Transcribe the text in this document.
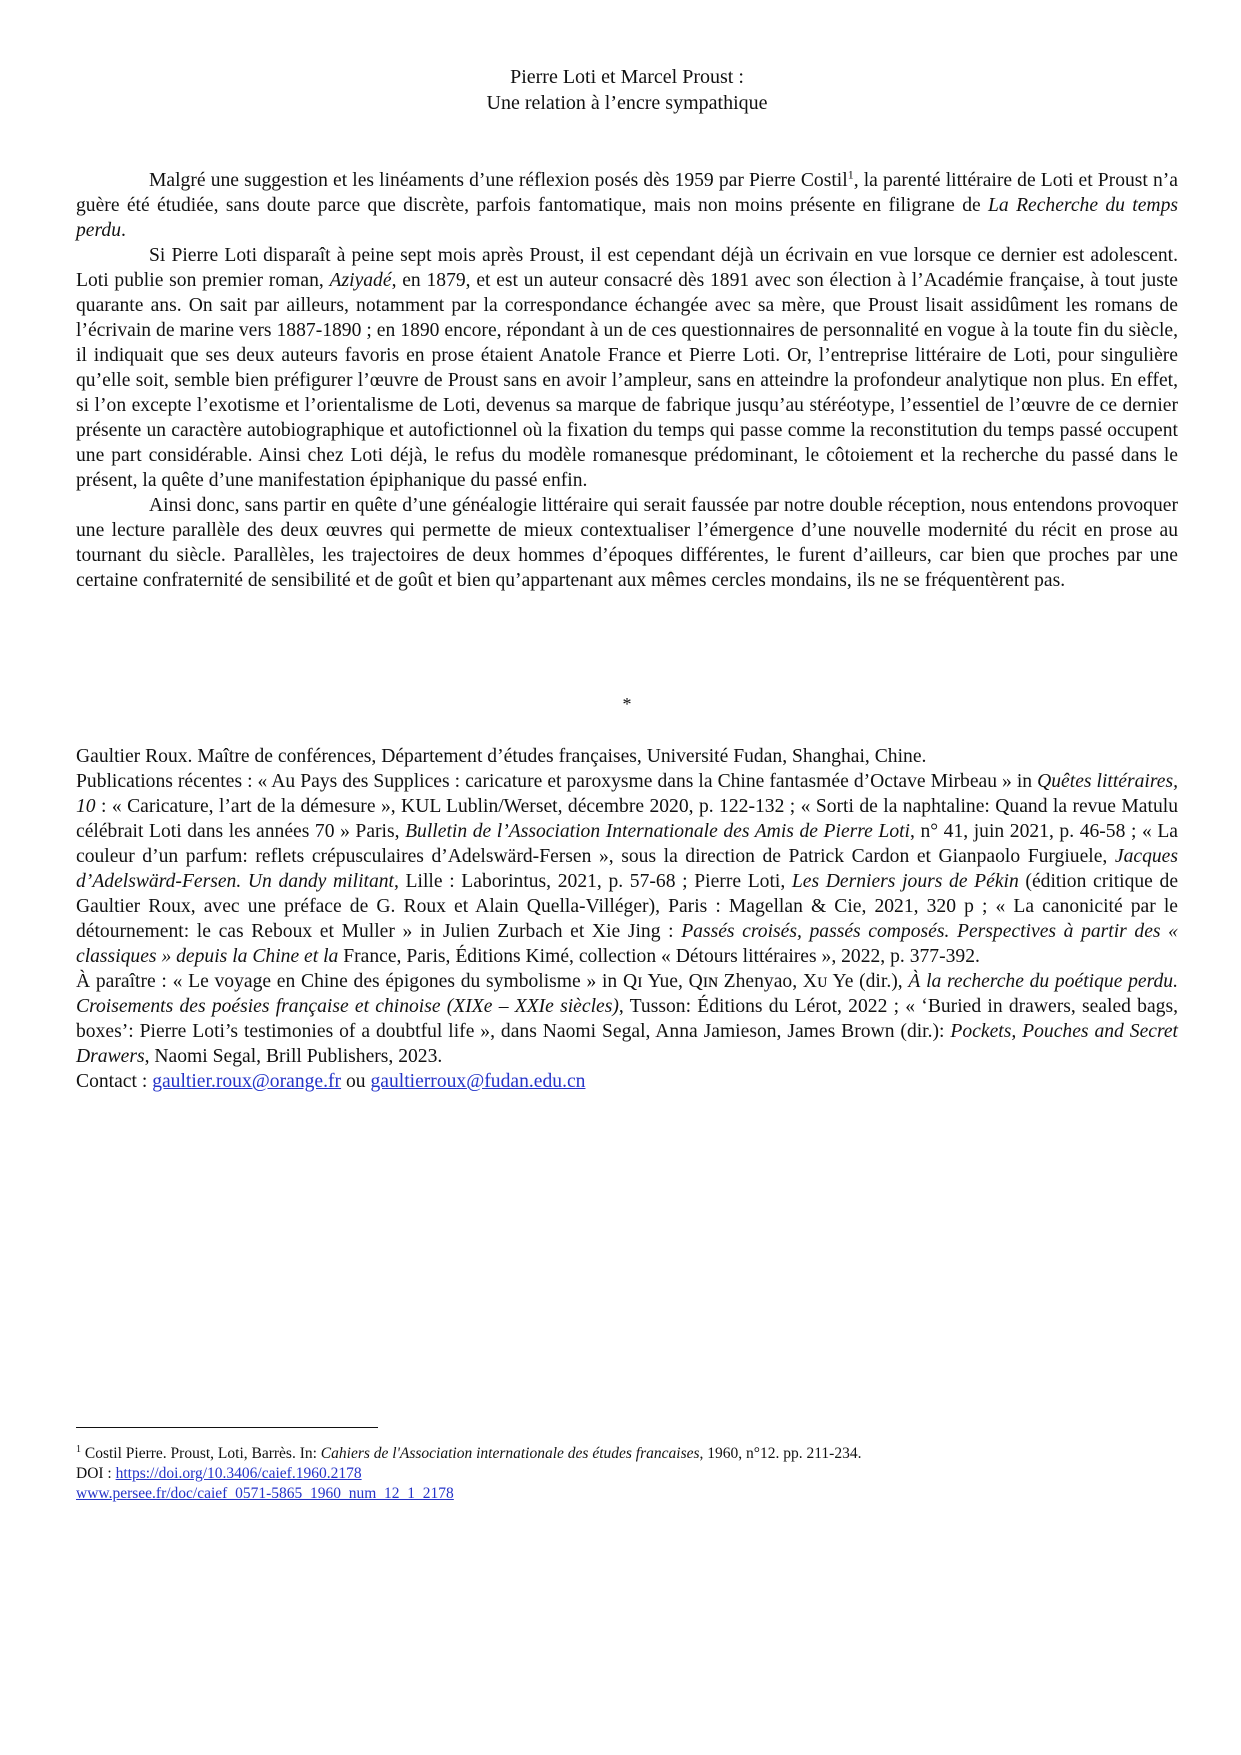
Pierre Loti et Marcel Proust :
Une relation à l’encre sympathique

Malgré une suggestion et les linéaments d’une réflexion posés dès 1959 par Pierre Costil$^1$, la parenté littéraire de Loti et Proust n’a guère été étudiée, sans doute parce que discrète, parfois fantomatique, mais non moins présente en filigrane de La Recherche du temps perdu.

Si Pierre Loti disparaît à peine sept mois après Proust, il est cependant déjà un écrivain en vue lorsque ce dernier est adolescent. Loti publie son premier roman, Aziyadé, en 1879, et est un auteur consacré dès 1891 avec son élection à l’Académie française, à tout juste quarante ans. On sait par ailleurs, notamment par la correspondance échangée avec sa mère, que Proust lisait assidûment les romans de l’écrivain de marine vers 1887-1890 ; en 1890 encore, répondant à un de ces questionnaires de personnalité en vogue à la toute fin du siècle, il indiquait que ses deux auteurs favoris en prose étaient Anatole France et Pierre Loti. Or, l’entreprise littéraire de Loti, pour singulière qu’elle soit, semble bien préfigurer l’œuvre de Proust sans en avoir l’ampleur, sans en atteindre la profondeur analytique non plus. En effet, si l’on excepte l’exotisme et l’orientalisme de Loti, devenus sa marque de fabrique jusqu’au stéréotype, l’essentiel de l’œuvre de ce dernier présente un caractère autobiographique et autofictionnel où la fixation du temps qui passe comme la reconstitution du temps passé occupent une part considérable. Ainsi chez Loti déjà, le refus du modèle romanesque prédominant, le côtoiement et la recherche du passé dans le présent, la quête d’une manifestation épiphanique du passé enfin.

Ainsi donc, sans partir en quête d’une généalogie littéraire qui serait faussée par notre double réception, nous entendons provoquer une lecture parallèle des deux œuvres qui permette de mieux contextualiser l’émergence d’une nouvelle modernité du récit en prose au tournant du siècle. Parallèles, les trajectoires de deux hommes d’époques différentes, le furent d’ailleurs, car bien que proches par une certaine confraternité de sensibilité et de goût et bien qu’appartenant aux mêmes cercles mondains, ils ne se fréquentèrent pas.

*

Gaultier Roux. Maître de conférences, Département d’études françaises, Université Fudan, Shanghai, Chine.

Publications récentes : « Au Pays des Supplices : caricature et paroxysme dans la Chine fantasmée d’Octave Mirbeau » in Quêtes littéraires, 10 : « Caricature, l’art de la démesure », KUL Lublin/Werset, décembre 2020, p. 122-132 ; « Sorti de la naphtaline: Quand la revue Matulu célébrait Loti dans les années 70 » Paris, Bulletin de l’Association Internationale des Amis de Pierre Loti, n° 41, juin 2021, p. 46-58 ; « La couleur d’un parfum: reflets crépusculaires d’Adelswärd-Fersen », sous la direction de Patrick Cardon et Gianpaolo Furgiuele, Jacques d’Adelswärd-Fersen. Un dandy militant, Lille : Laborintus, 2021, p. 57-68 ; Pierre Loti, Les Derniers jours de Pékin (édition critique de Gaultier Roux, avec une préface de G. Roux et Alain Quella-Villéger), Paris : Magellan & Cie, 2021, 320 p ; « La canonicité par le détournement: le cas Reboux et Muller » in Julien Zurbach et Xie Jing : Passés croisés, passés composés. Perspectives à partir des « classiques » depuis la Chine et la France, Paris, Éditions Kimé, collection « Détours littéraires », 2022, p. 377-392.

À paraître : « Le voyage en Chine des épigones du symbolisme » in Qɪ Yue, Qɪɴ Zhenyao, Xᴜ Ye (dir.), À la recherche du poétique perdu. Croisements des poésies française et chinoise (XIXe – XXIe siècles), Tusson: Éditions du Lérot, 2022 ; « ‘Buried in drawers, sealed bags, boxes’: Pierre Loti’s testimonies of a doubtful life », dans Naomi Segal, Anna Jamieson, James Brown (dir.): Pockets, Pouches and Secret Drawers, Naomi Segal, Brill Publishers, 2023.

Contact : gaultier.roux@orange.fr ou gaultierroux@fudan.edu.cn

$^1$ Costil Pierre. Proust, Loti, Barrès. In: Cahiers de l'Association internationale des études francaises, 1960, n°12. pp. 211-234.

DOI : https://doi.org/10.3406/caief.1960.2178

www.persee.fr/doc/caief_0571-5865_1960_num_12_1_2178
